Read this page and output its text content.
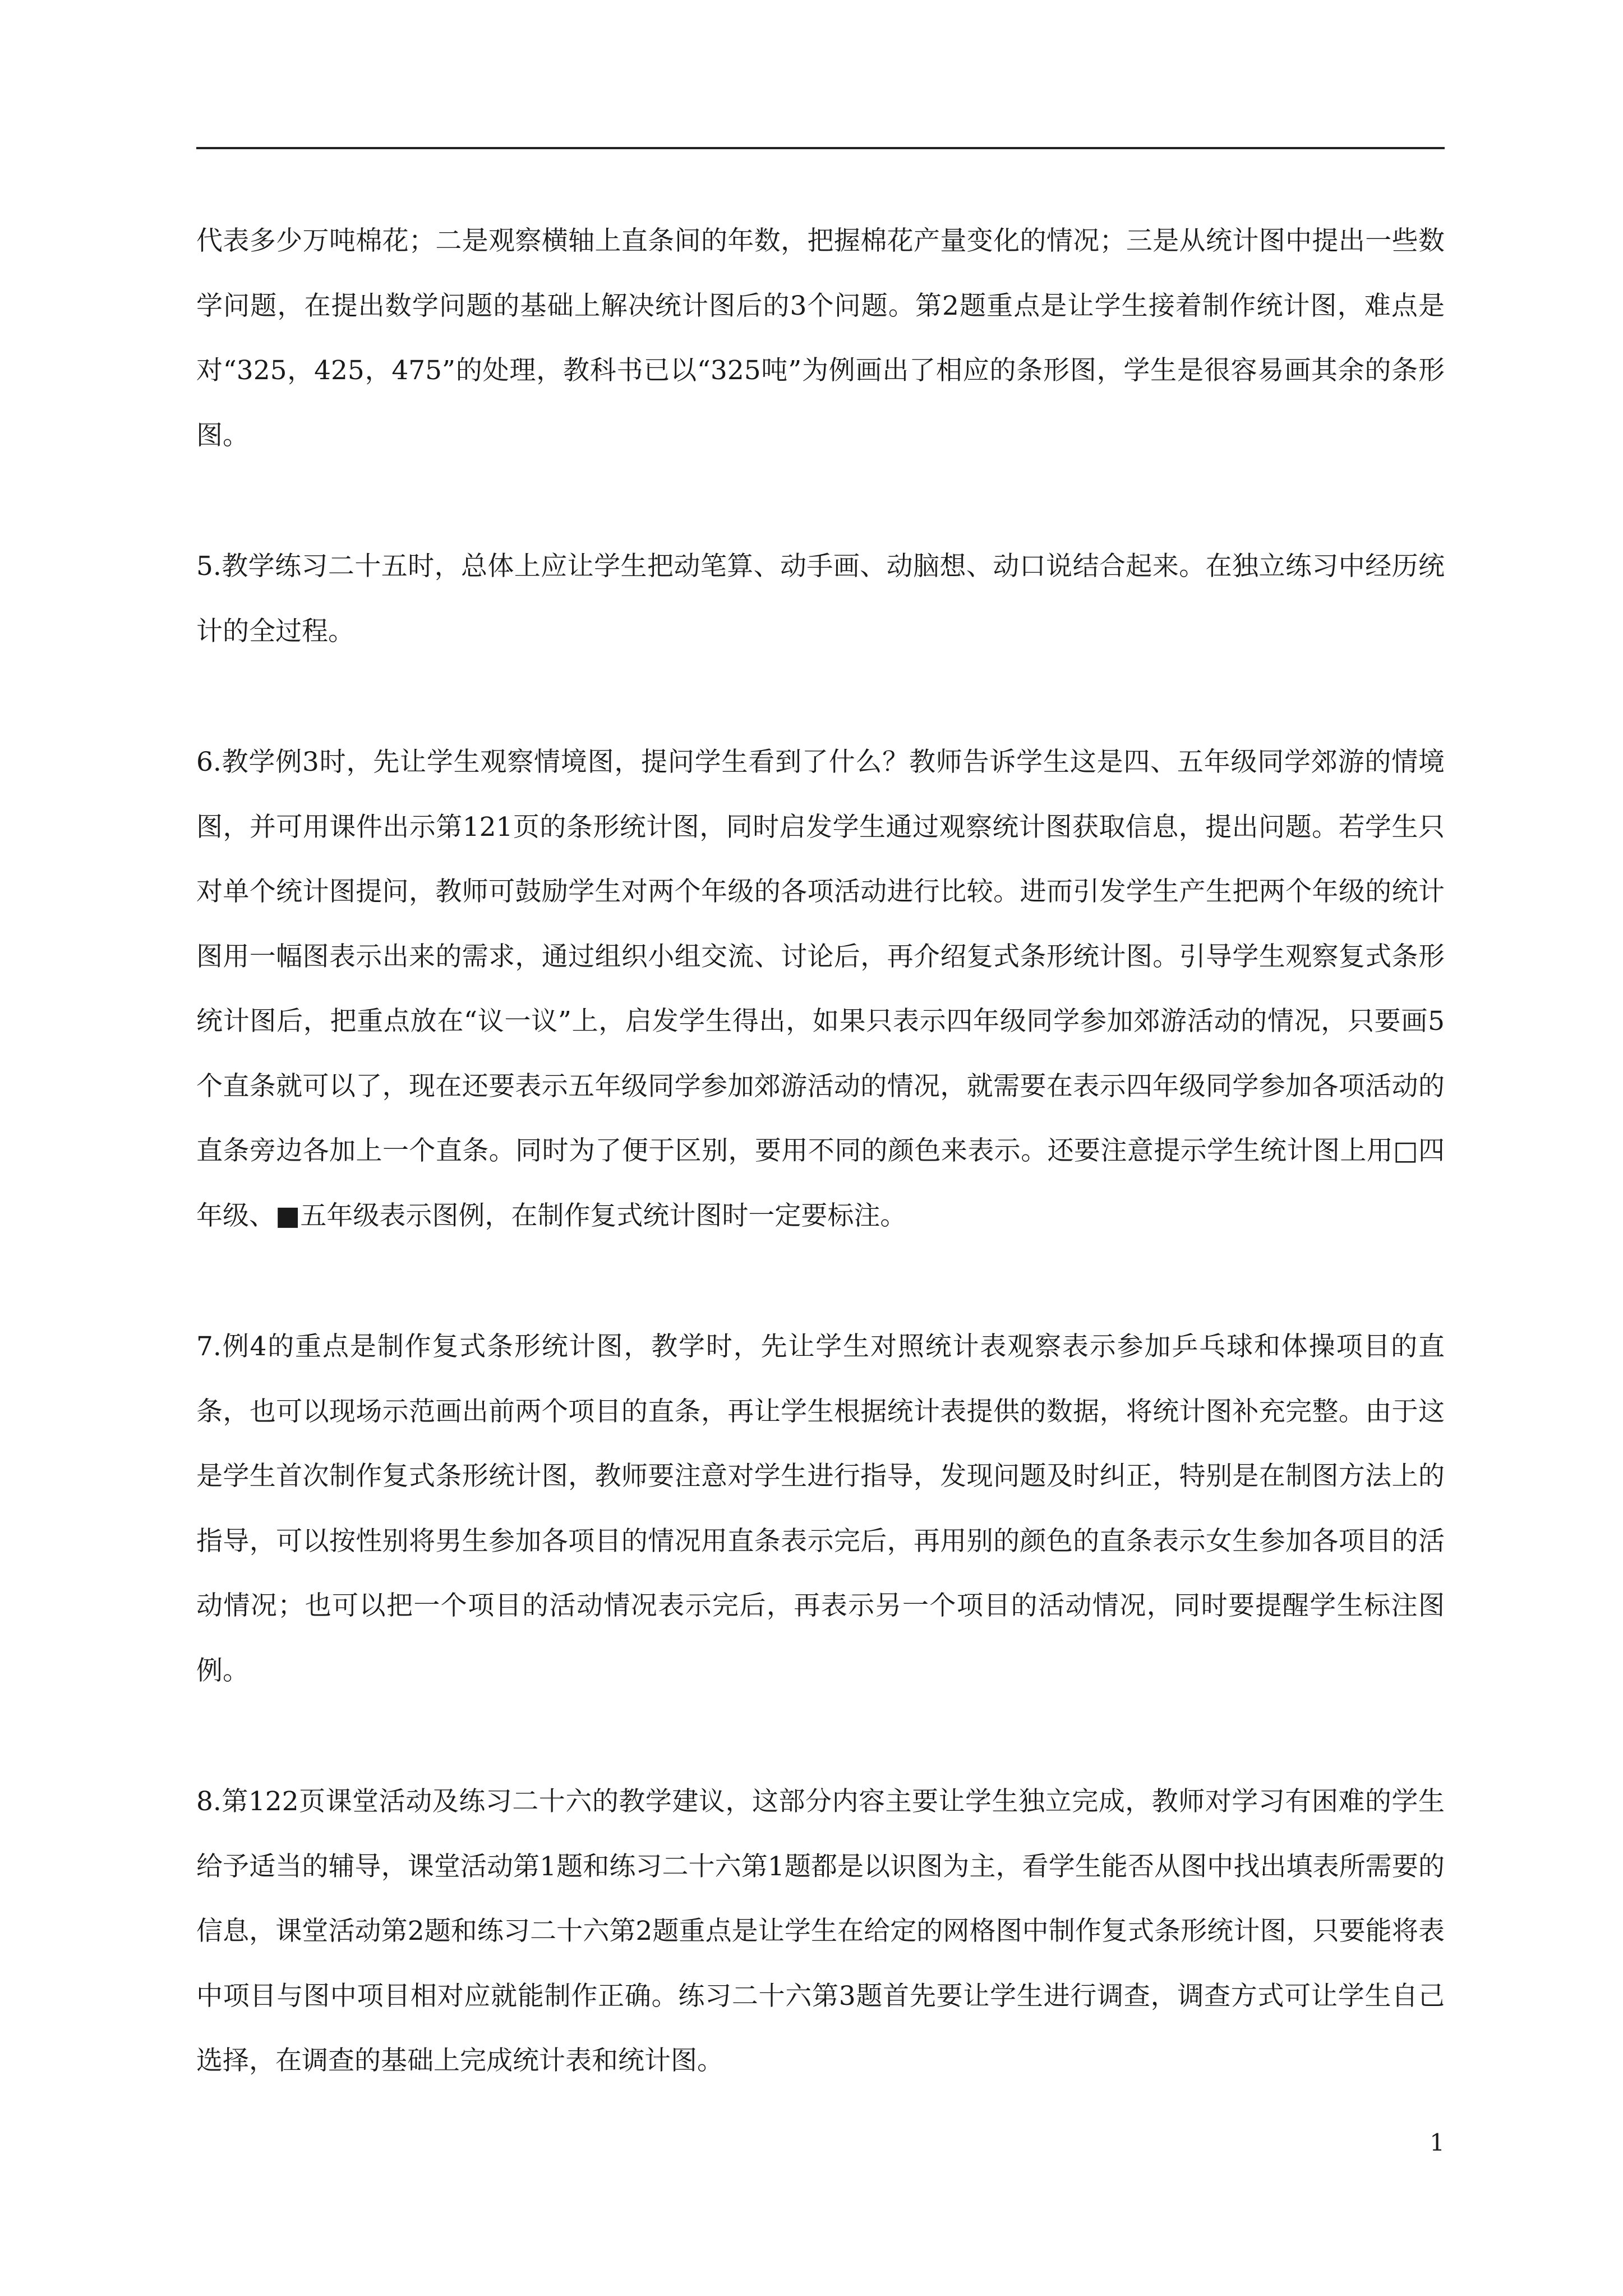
代表多少万吨棉花；二是观察横轴上直条间的年数，把握棉花产量变化的情况；三是从统计图中提出一些数学问题，在提出数学问题的基础上解决统计图后的3个问题。第2题重点是让学生接着制作统计图，难点是对“325，425，475”的处理，教科书已以“325吨”为例画出了相应的条形图，学生是很容易画其余的条形图。

5.教学练习二十五时，总体上应让学生把动笔算、动手画、动脑想、动口说结合起来。在独立练习中经历统计的全过程。

6.教学例3时，先让学生观察情境图，提问学生看到了什么？教师告诉学生这是四、五年级同学郊游的情境图，并可用课件出示第121页的条形统计图，同时启发学生通过观察统计图获取信息，提出问题。若学生只对单个统计图提问，教师可鼓励学生对两个年级的各项活动进行比较。进而引发学生产生把两个年级的统计图用一幅图表示出来的需求，通过组织小组交流、讨论后，再介绍复式条形统计图。引导学生观察复式条形统计图后，把重点放在“议一议”上，启发学生得出，如果只表示四年级同学参加郊游活动的情况，只要画5个直条就可以了，现在还要表示五年级同学参加郊游活动的情况，就需要在表示四年级同学参加各项活动的直条旁边各加上一个直条。同时为了便于区别，要用不同的颜色来表示。还要注意提示学生统计图上用□四年级、■五年级表示图例，在制作复式统计图时一定要标注。

7.例4的重点是制作复式条形统计图，教学时，先让学生对照统计表观察表示参加乒乓球和体操项目的直条，也可以现场示范画出前两个项目的直条，再让学生根据统计表提供的数据，将统计图补充完整。由于这是学生首次制作复式条形统计图，教师要注意对学生进行指导，发现问题及时纠正，特别是在制图方法上的指导，可以按性别将男生参加各项目的情况用直条表示完后，再用别的颜色的直条表示女生参加各项目的活动情况；也可以把一个项目的活动情况表示完后，再表示另一个项目的活动情况，同时要提醒学生标注图例。

8.第122页课堂活动及练习二十六的教学建议，这部分内容主要让学生独立完成，教师对学习有困难的学生给予适当的辅导，课堂活动第1题和练习二十六第1题都是以识图为主，看学生能否从图中找出填表所需要的信息，课堂活动第2题和练习二十六第2题重点是让学生在给定的网格图中制作复式条形统计图，只要能将表中项目与图中项目相对应就能制作正确。练习二十六第3题首先要让学生进行调查，调查方式可让学生自己选择，在调查的基础上完成统计表和统计图。

1
